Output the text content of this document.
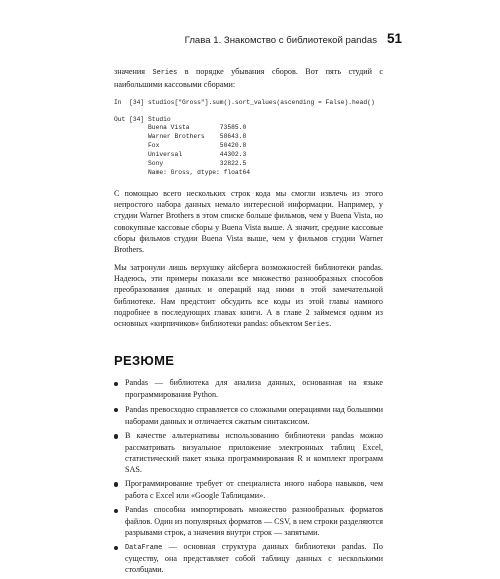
Глава 1. Знакомство с библиотекой pandas 51

значения Series в порядке убывания сборов. Вот пять студий с наибольшими кассовыми сборами:

In  [34] studios["Gross"].sum().sort_values(ascending = False).head()
Out [34] Studio
Buena Vista        73585.0
Warner Brothers    58643.8
Fox                50420.8
Universal          44302.3
Sony               32822.5
Name: Gross, dtype: float64

С помощью всего нескольких строк кода мы смогли извлечь из этого непростого набора данных немало интересной информации. Например, у студии Warner Brothers в этом списке больше фильмов, чем у Buena Vista, но совокупные кассовые сборы у Buena Vista выше. А значит, средние кассовые сборы фильмов студии Buena Vista выше, чем у фильмов студии Warner Brothers.

Мы затронули лишь верхушку айсберга возможностей библиотеки pandas. Надеюсь, эти примеры показали все множество разнообразных способов преобразования данных и операций над ними в этой замечательной библиотеке. Нам предстоит обсудить все коды из этой главы намного подробнее в последующих главах книги. А в главе 2 займемся одним из основных «кирпичиков» библиотеки pandas: объектом Series.

РЕЗЮМЕ
Pandas — библиотека для анализа данных, основанная на языке программирования Python.
Pandas превосходно справляется со сложными операциями над большими наборами данных и отличается сжатым синтаксисом.
В качестве альтернативы использованию библиотеки pandas можно рассматривать визуальное приложение электронных таблиц Excel, статистический пакет языка программирования R и комплект программ SAS.
Программирование требует от специалиста иного набора навыков, чем работа с Excel или «Google Таблицами».
Pandas способна импортировать множество разнообразных форматов файлов. Один из популярных форматов — CSV, в нем строки разделяются разрывами строк, а значения внутри строк — запятыми.
DataFrame — основная структура данных библиотеки pandas. По существу, она представляет собой таблицу данных с несколькими столбцами.
